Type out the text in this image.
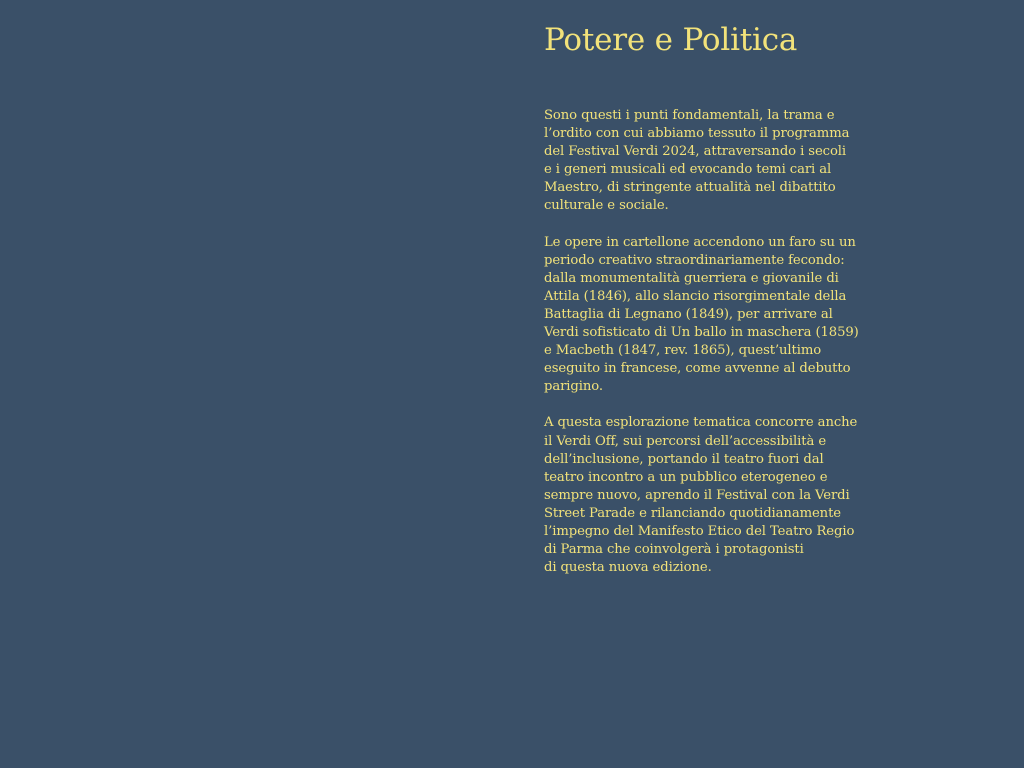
Potere e Politica

Sono questi i punti fondamentali, la trama e
l’ordito con cui abbiamo tessuto il programma
del Festival Verdi 2024, attraversando i secoli
e i generi musicali ed evocando temi cari al
Maestro, di stringente attualità nel dibattito
culturale e sociale.

Le opere in cartellone accendono un faro su un
periodo creativo straordinariamente fecondo:
dalla monumentalità guerriera e giovanile di
Attila (1846), allo slancio risorgimentale della
Battaglia di Legnano (1849), per arrivare al
Verdi sofisticato di Un ballo in maschera (1859)
e Macbeth (1847, rev. 1865), quest’ultimo
eseguito in francese, come avvenne al debutto
parigino.

A questa esplorazione tematica concorre anche
il Verdi Off, sui percorsi dell’accessibilità e
dell’inclusione, portando il teatro fuori dal
teatro incontro a un pubblico eterogeneo e
sempre nuovo, aprendo il Festival con la Verdi
Street Parade e rilanciando quotidianamente
l’impegno del Manifesto Etico del Teatro Regio
di Parma che coinvolgerà i protagonisti
di questa nuova edizione.
